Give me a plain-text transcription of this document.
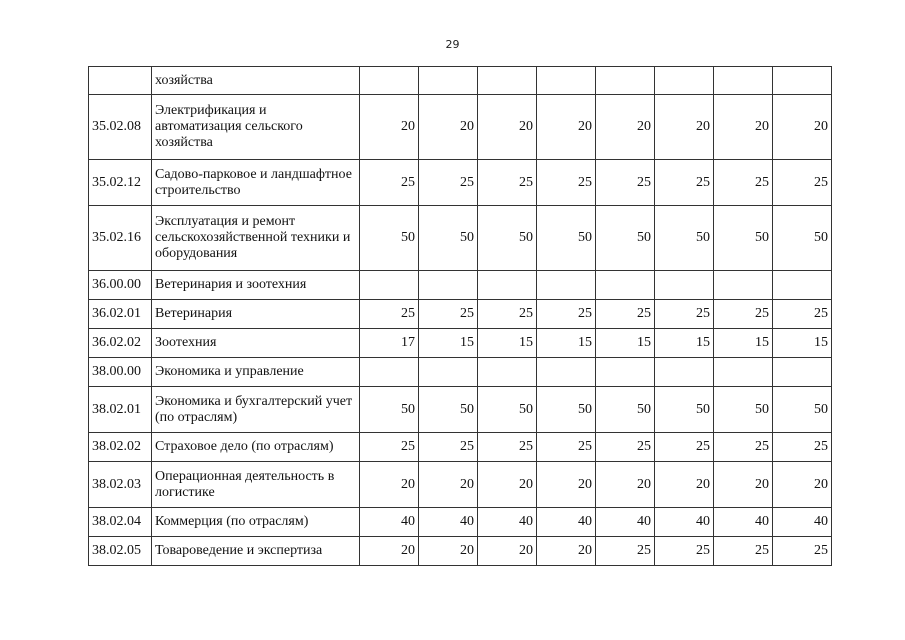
29
	хозяйства								
35.02.08	Электрификация и автоматизация сельского хозяйства	20	20	20	20	20	20	20	20
35.02.12	Садово-парковое и ландшафтное строительство	25	25	25	25	25	25	25	25
35.02.16	Эксплуатация и ремонт сельскохозяйственной техники и оборудования	50	50	50	50	50	50	50	50
36.00.00	Ветеринария и зоотехния								
36.02.01	Ветеринария	25	25	25	25	25	25	25	25
36.02.02	Зоотехния	17	15	15	15	15	15	15	15
38.00.00	Экономика и управление								
38.02.01	Экономика и бухгалтерский учет (по отраслям)	50	50	50	50	50	50	50	50
38.02.02	Страховое дело (по отраслям)	25	25	25	25	25	25	25	25
38.02.03	Операционная деятельность в логистике	20	20	20	20	20	20	20	20
38.02.04	Коммерция (по отраслям)	40	40	40	40	40	40	40	40
38.02.05	Товароведение и экспертиза	20	20	20	20	25	25	25	25
